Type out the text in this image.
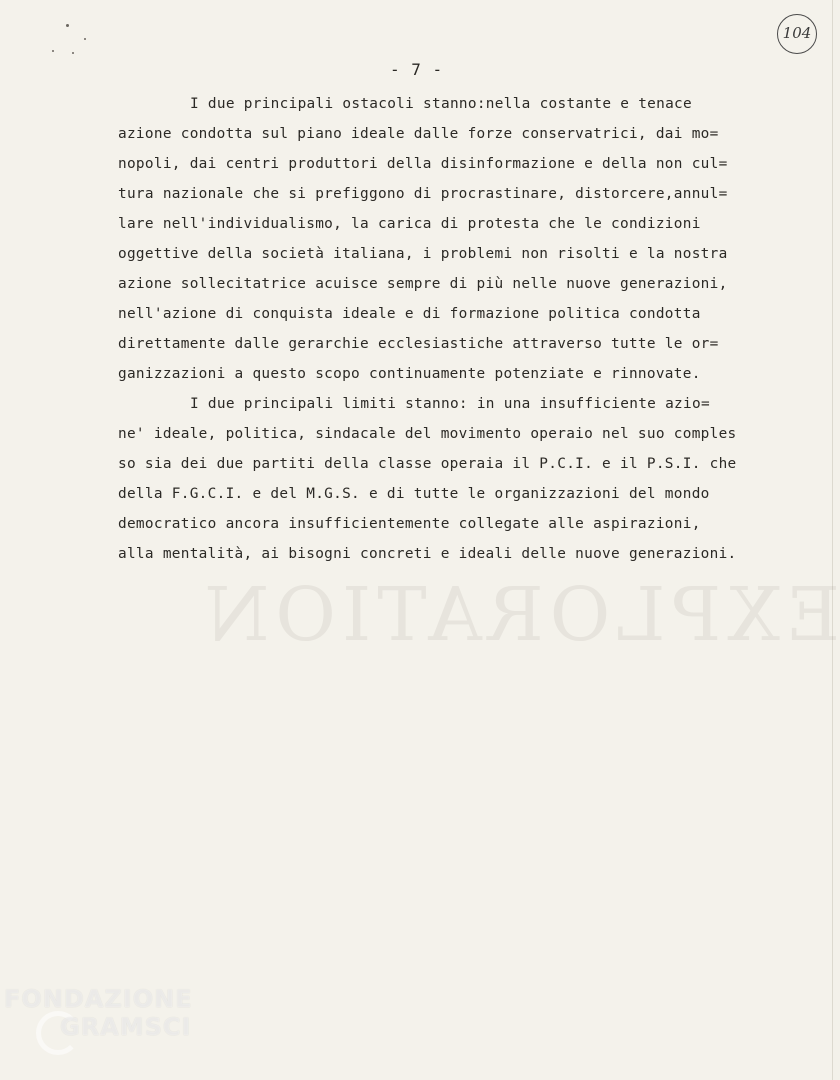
104
- 7 -
EXPLORATION
I due principali ostacoli stanno:nella costante e tenace
azione condotta sul piano ideale dalle forze conservatrici, dai mo=
nopoli, dai centri produttori della disinformazione e della non cul=
tura nazionale che si prefiggono di procrastinare, distorcere,annul=
lare nell'individualismo, la carica di protesta che le condizioni
oggettive della società italiana, i problemi non risolti e la nostra
azione sollecitatrice acuisce sempre di più nelle nuove generazioni,
nell'azione di conquista ideale e di formazione politica condotta
direttamente dalle gerarchie ecclesiastiche attraverso tutte le or=
ganizzazioni a questo scopo continuamente potenziate e rinnovate.
I due principali limiti stanno: in una insufficiente azio=
ne' ideale, politica, sindacale del movimento operaio nel suo comples
so sia dei due partiti della classe operaia il P.C.I. e il P.S.I. che
della F.G.C.I. e del M.G.S. e di tutte le organizzazioni del mondo
democratico ancora insufficientemente collegate alle aspirazioni,
alla mentalità, ai bisogni concreti e ideali delle nuove generazioni.
FONDAZIONE
GRAMSCI
